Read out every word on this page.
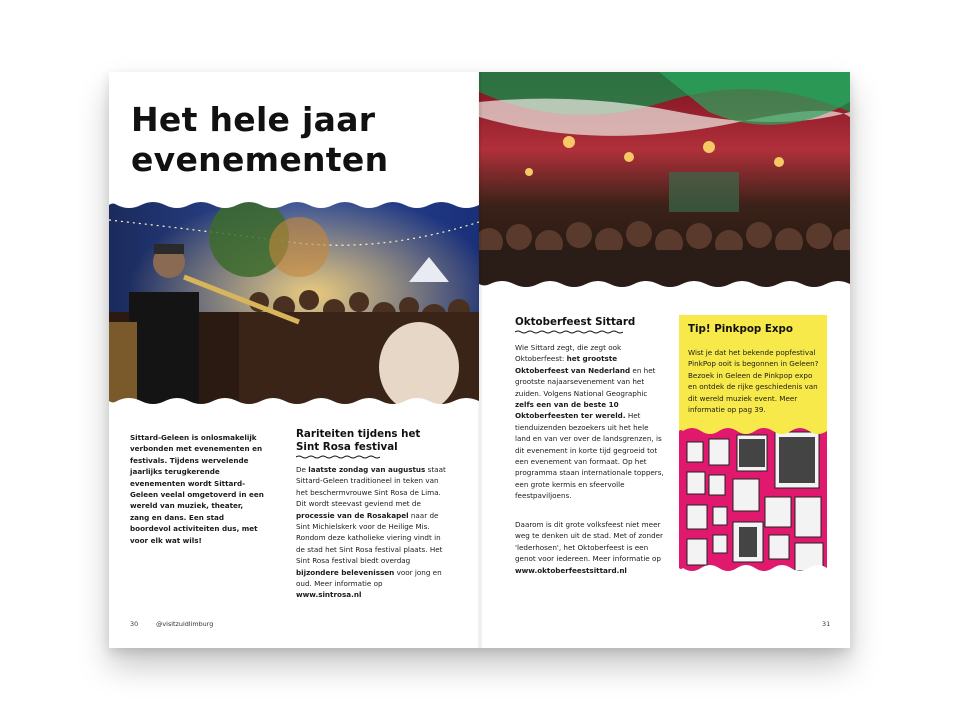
Het hele jaar evenementen
Sittard-Geleen is onlosmakelijk verbonden met evenementen en festivals. Tijdens wervelende jaarlijks terugkerende evenementen wordt Sittard-Geleen veelal omgetoverd in een wereld van muziek, theater, zang en dans. Een stad boordevol activiteiten dus, met voor elk wat wils!
Rariteiten tijdens het Sint Rosa festival
De laatste zondag van augustus staat Sittard-Geleen traditioneel in teken van het beschermvrouwe Sint Rosa de Lima. Dit wordt steevast geviend met de processie van de Rosakapel naar de Sint Michielskerk voor de Heilige Mis. Rondom deze katholieke viering vindt in de stad het Sint Rosa festival plaats. Het Sint Rosa festival biedt overdag bijzondere belevenissen voor jong en oud. Meer informatie op www.sintrosa.nl
30	@visitzuidlimburg
Oktoberfeest Sittard
Wie Sittard zegt, die zegt ook Oktoberfeest: het grootste Oktoberfeest van Nederland en het grootste najaarsevenement van het zuiden. Volgens National Geographic zelfs een van de beste 10 Oktoberfeesten ter wereld. Het tienduizenden bezoekers uit het hele land en van ver over de landsgrenzen, is dit evenement in korte tijd gegroeid tot een evenement van formaat. Op het programma staan internationale toppers, een grote kermis en sfeervolle feestpaviljoens.
Daarom is dit grote volksfeest niet meer weg te denken uit de stad. Met of zonder 'lederhosen', het Oktoberfeest is een genot voor iedereen. Meer informatie op www.oktoberfeestsittard.nl
Tip! Pinkpop Expo
Wist je dat het bekende popfestival PinkPop ooit is begonnen in Geleen? Bezoek in Geleen de Pinkpop expo en ontdek de rijke geschiedenis van dit wereld muziek event. Meer informatie op pag 39.
31
